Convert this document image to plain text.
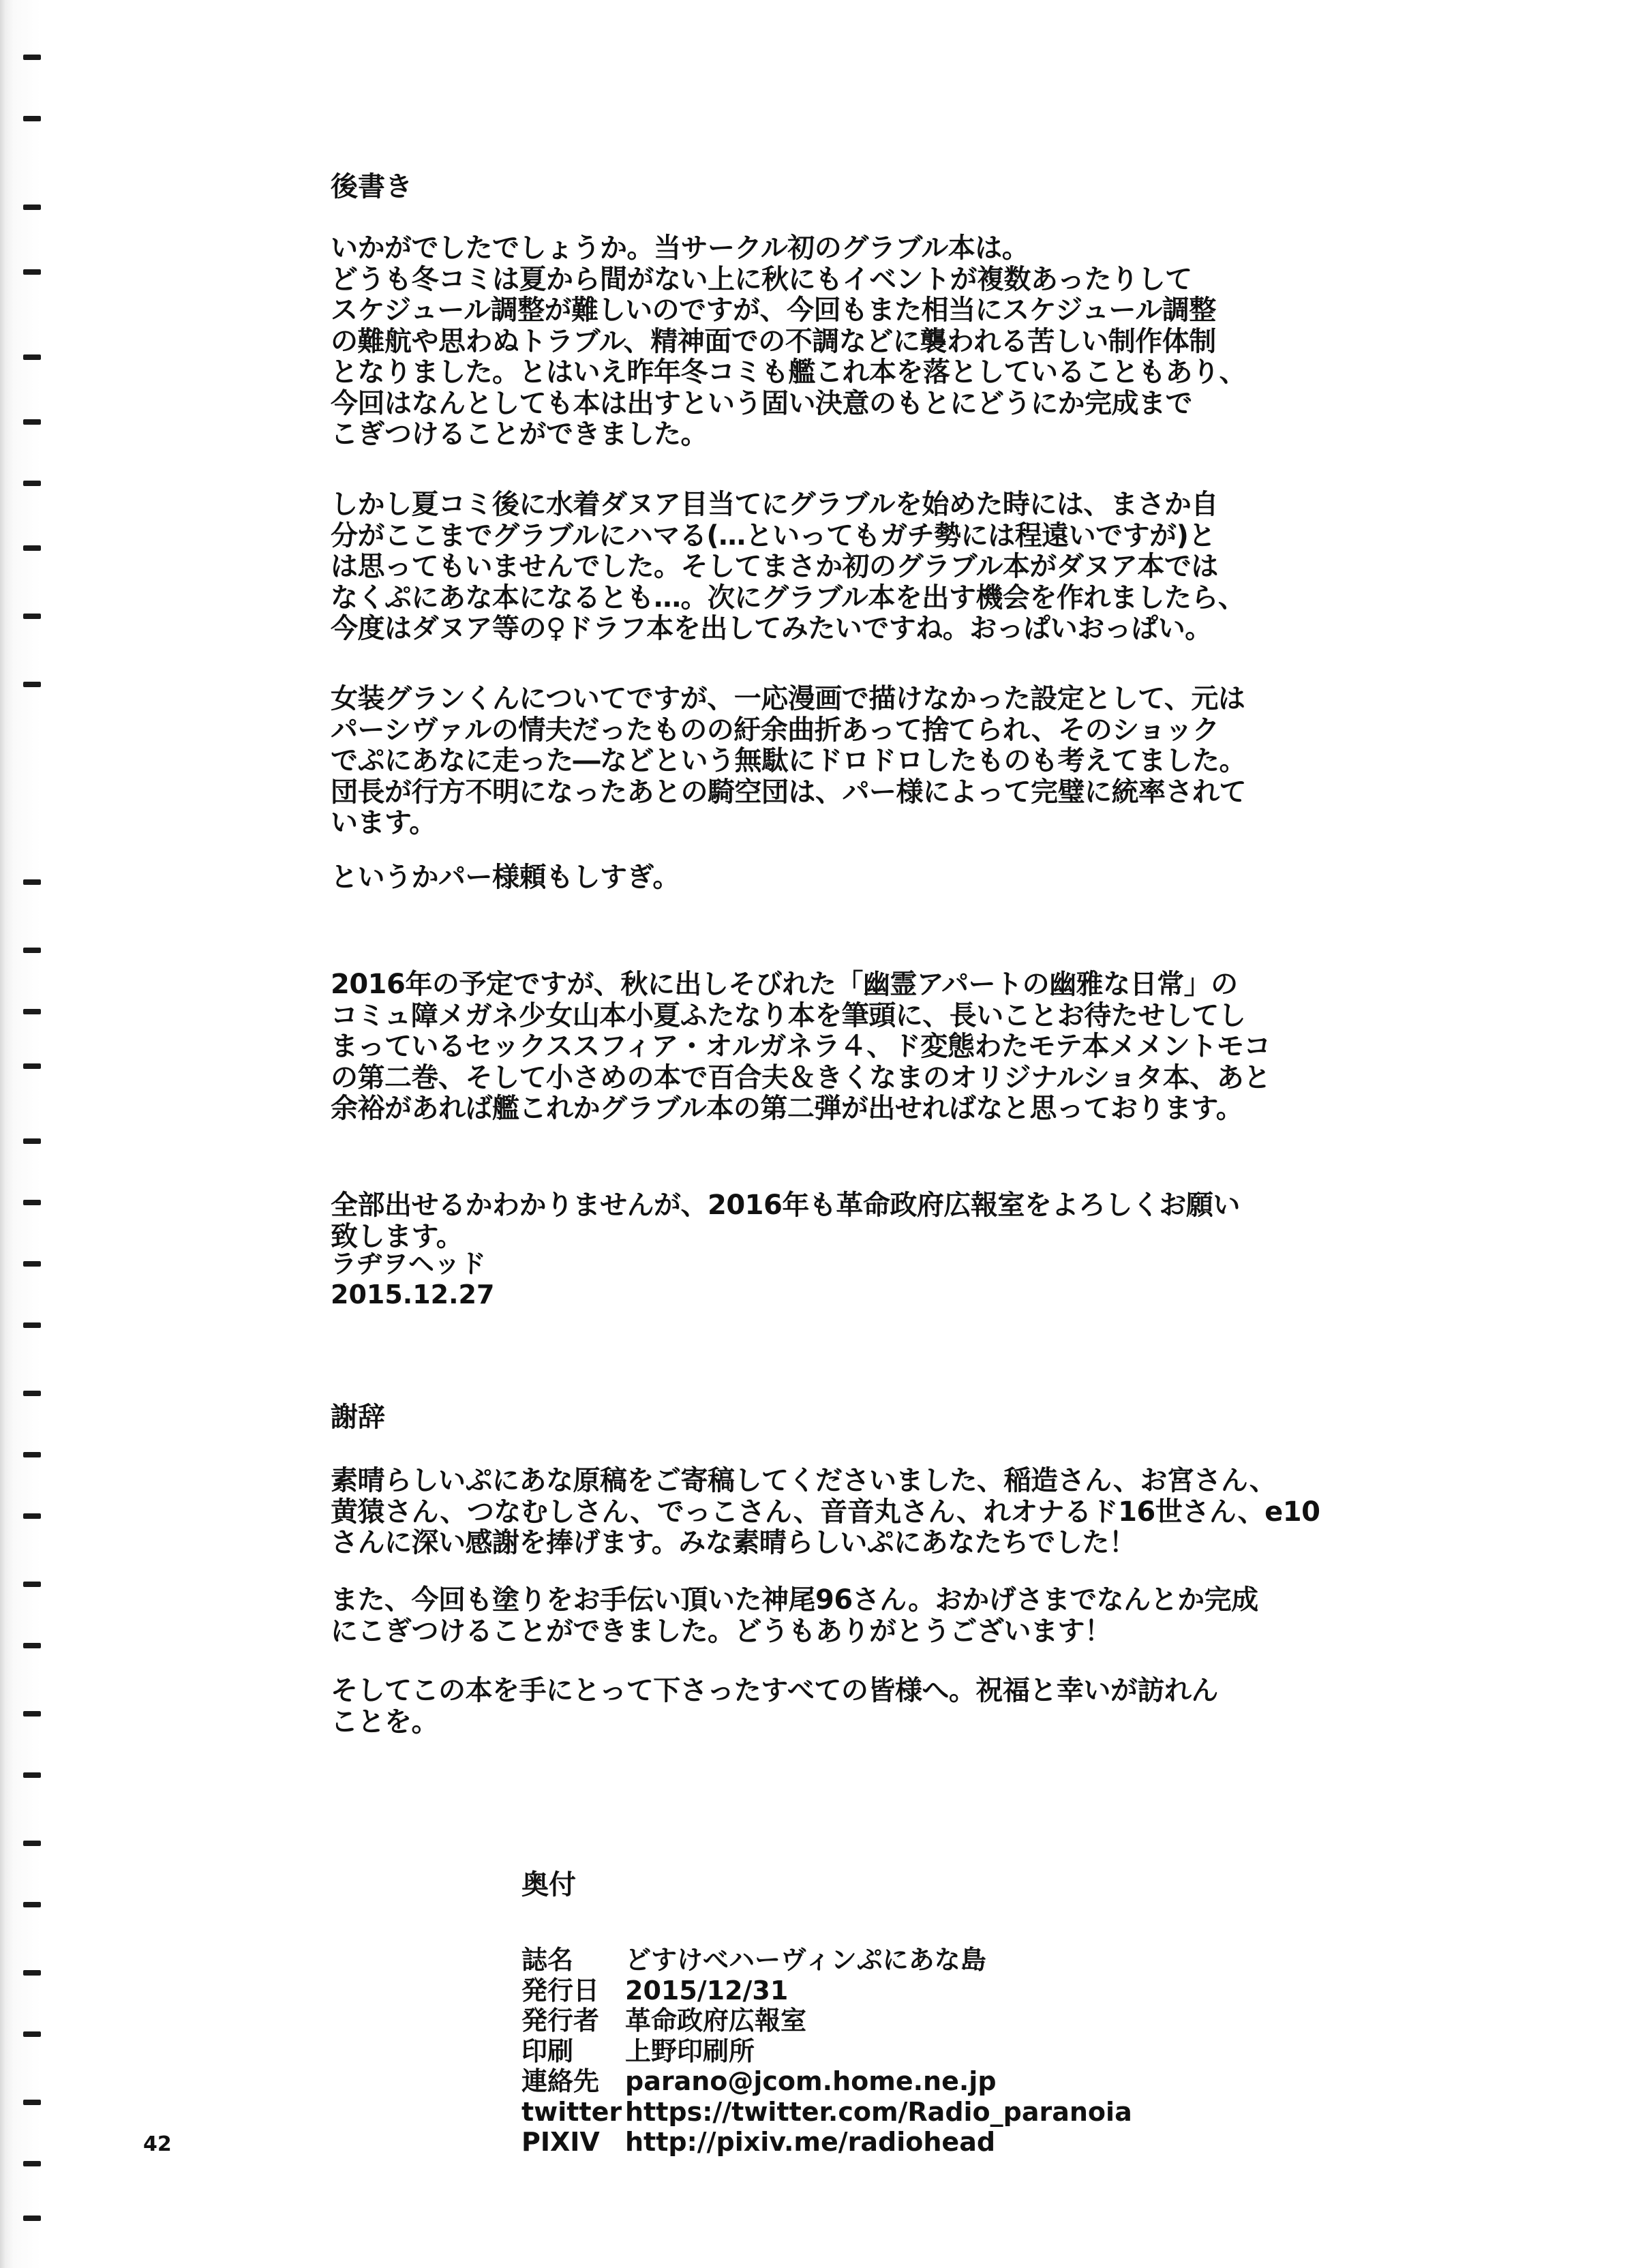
後書き

いかがでしたでしょうか。当サークル初のグラブル本は。
どうも冬コミは夏から間がない上に秋にもイベントが複数あったりして
スケジュール調整が難しいのですが、今回もまた相当にスケジュール調整
の難航や思わぬトラブル、精神面での不調などに襲われる苦しい制作体制
となりました。とはいえ昨年冬コミも艦これ本を落としていることもあり、
今回はなんとしても本は出すという固い決意のもとにどうにか完成まで
こぎつけることができました。

しかし夏コミ後に水着ダヌア目当てにグラブルを始めた時には、まさか自
分がここまでグラブルにハマる(…といってもガチ勢には程遠いですが)と
は思ってもいませんでした。そしてまさか初のグラブル本がダヌア本では
なくぷにあな本になるとも…。次にグラブル本を出す機会を作れましたら、
今度はダヌア等の♀ドラフ本を出してみたいですね。おっぱいおっぱい。

女装グランくんについてですが、一応漫画で描けなかった設定として、元は
パーシヴァルの情夫だったものの紆余曲折あって捨てられ、そのショック
でぷにあなに走った―などという無駄にドロドロしたものも考えてました。
団長が行方不明になったあとの騎空団は、パー様によって完璧に統率されて
います。

というかパー様頼もしすぎ。

2016年の予定ですが、秋に出しそびれた「幽霊アパートの幽雅な日常」の
コミュ障メガネ少女山本小夏ふたなり本を筆頭に、長いことお待たせしてし
まっているセックススフィア・オルガネラ４、ド変態わたモテ本メメントモコ
の第二巻、そして小さめの本で百合夫＆きくなまのオリジナルショタ本、あと
余裕があれば艦これかグラブル本の第二弾が出せればなと思っております。

全部出せるかわかりませんが、2016年も革命政府広報室をよろしくお願い
致します。

ラヂヲヘッド

2015.12.27

謝辞

素晴らしいぷにあな原稿をご寄稿してくださいました、稲造さん、お宮さん、
黄猿さん、つなむしさん、でっこさん、音音丸さん、れオナるド16世さん、e10
さんに深い感謝を捧げます。みな素晴らしいぷにあなたちでした！

また、今回も塗りをお手伝い頂いた神尾96さん。おかげさまでなんとか完成
にこぎつけることができました。どうもありがとうございます！

そしてこの本を手にとって下さったすべての皆様へ。祝福と幸いが訪れん
ことを。

奥付
誌名	どすけべハーヴィンぷにあな島
発行日 2015/12/31
発行者 革命政府広報室
印刷	上野印刷所
連絡先 parano@jcom.home.ne.jp
twitter https://twitter.com/Radio_paranoia
PIXIV http://pixiv.me/radiohead
42
